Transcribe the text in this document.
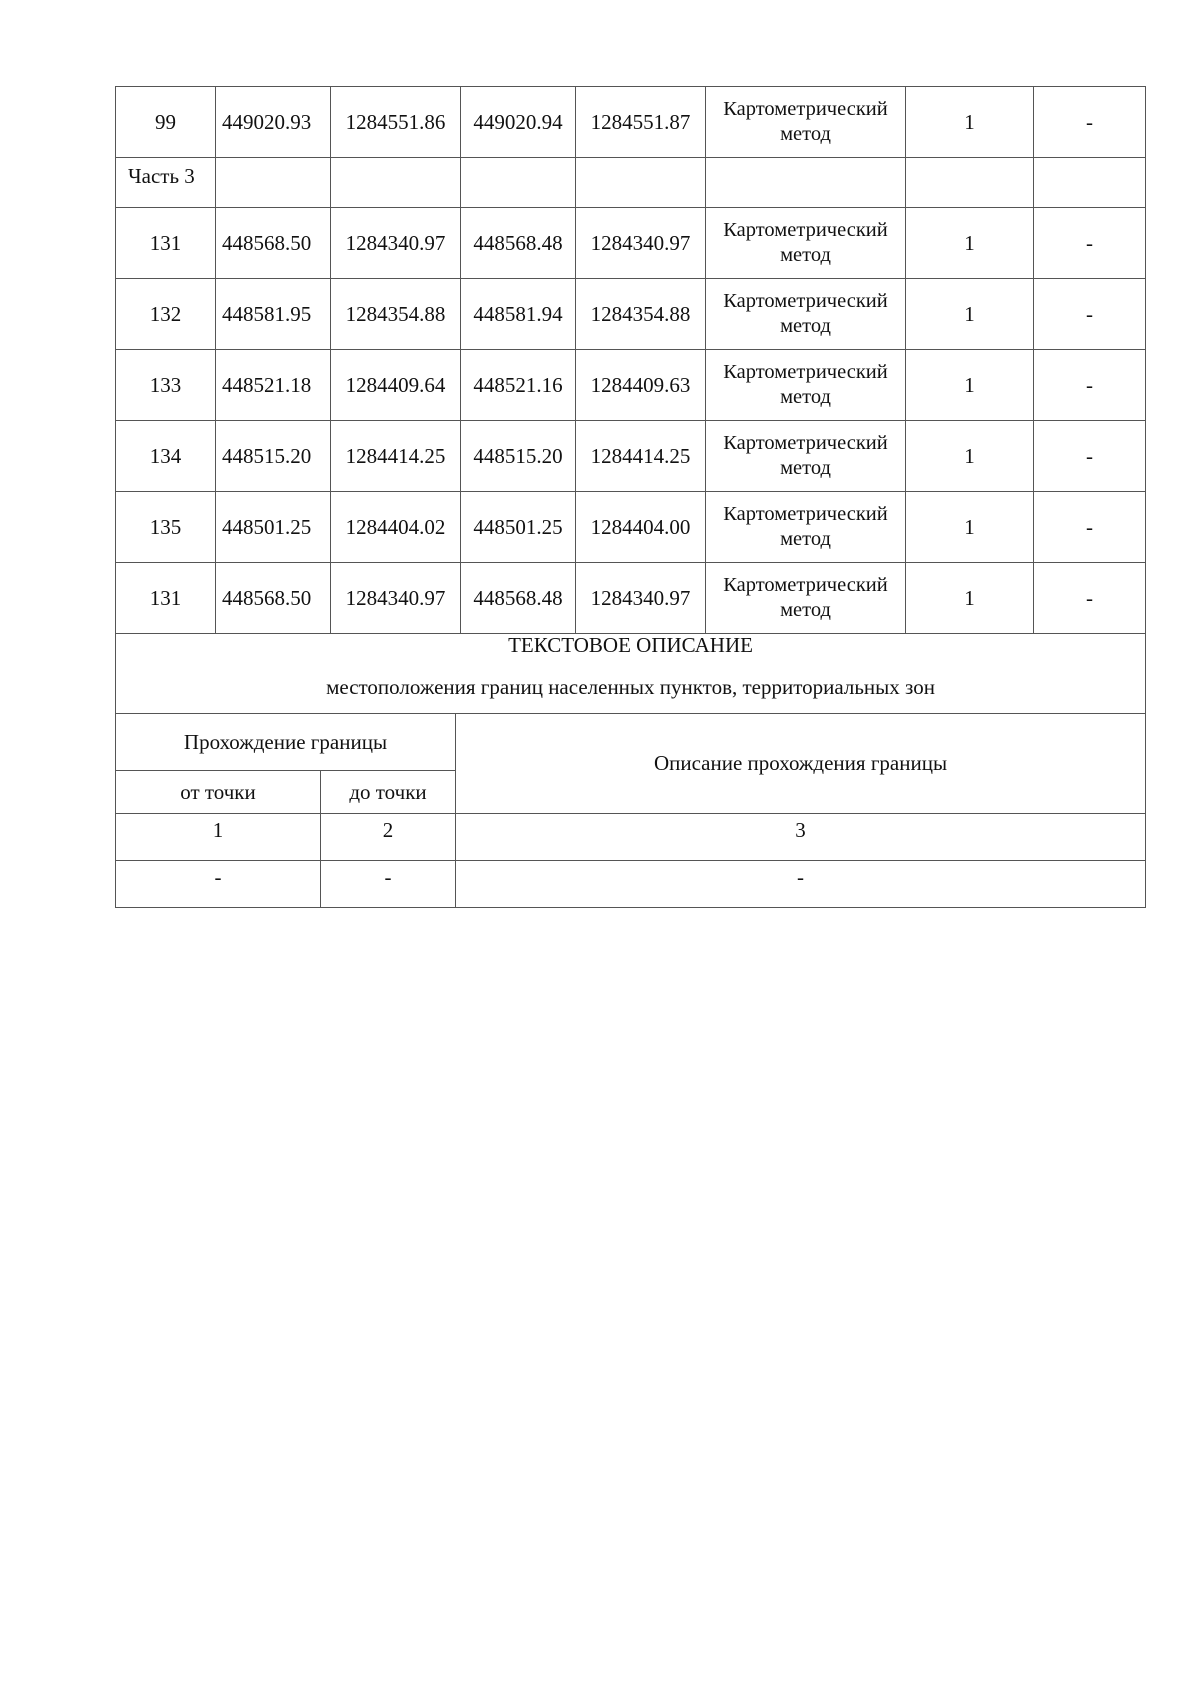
99	449020.93	1284551.86	449020.94	1284551.87	Картометрический метод	1	-
Часть 3							
131	448568.50	1284340.97	448568.48	1284340.97	Картометрический метод	1	-
132	448581.95	1284354.88	448581.94	1284354.88	Картометрический метод	1	-
133	448521.18	1284409.64	448521.16	1284409.63	Картометрический метод	1	-
134	448515.20	1284414.25	448515.20	1284414.25	Картометрический метод	1	-
135	448501.25	1284404.02	448501.25	1284404.00	Картометрический метод	1	-
131	448568.50	1284340.97	448568.48	1284340.97	Картометрический метод	1	-
ТЕКСТОВОЕ ОПИСАНИЕ
местоположения границ населенных пунктов, территориальных зон		

Прохождение границы		Описание прохождения границы
от точки	до точки	
1	2	3
-	-	-
